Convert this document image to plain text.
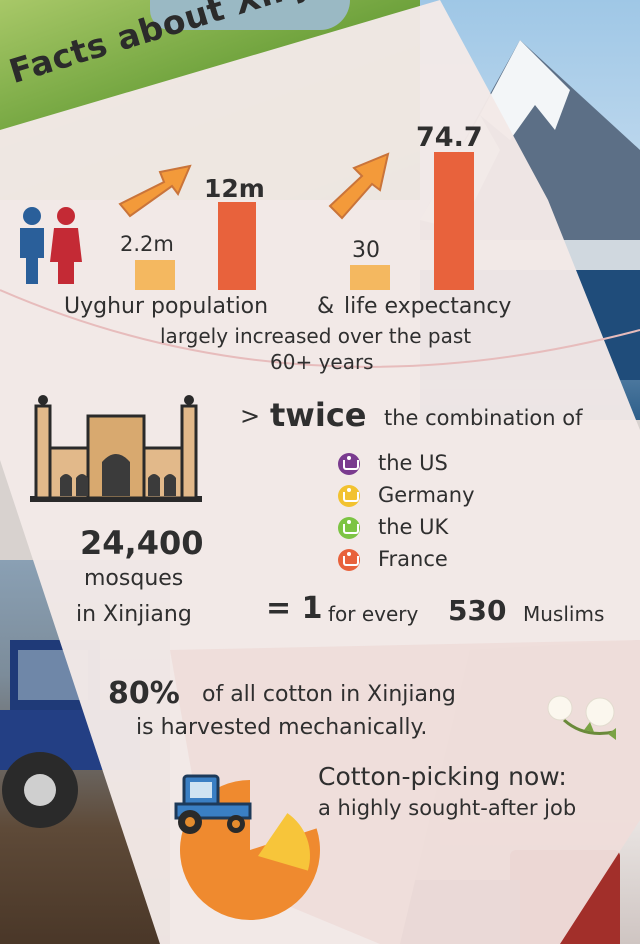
2.2m
12m
30
74.7
Uyghur population & life expectancy
largely increased over the past
60+ years
> twice the combination of
the US
Germany
the UK
France
24,400
mosques
in Xinjiang = 1 for every 530 Muslims
80% of all cotton in Xinjiang
is harvested mechanically.
Cotton-picking now:
a highly sought-after job
